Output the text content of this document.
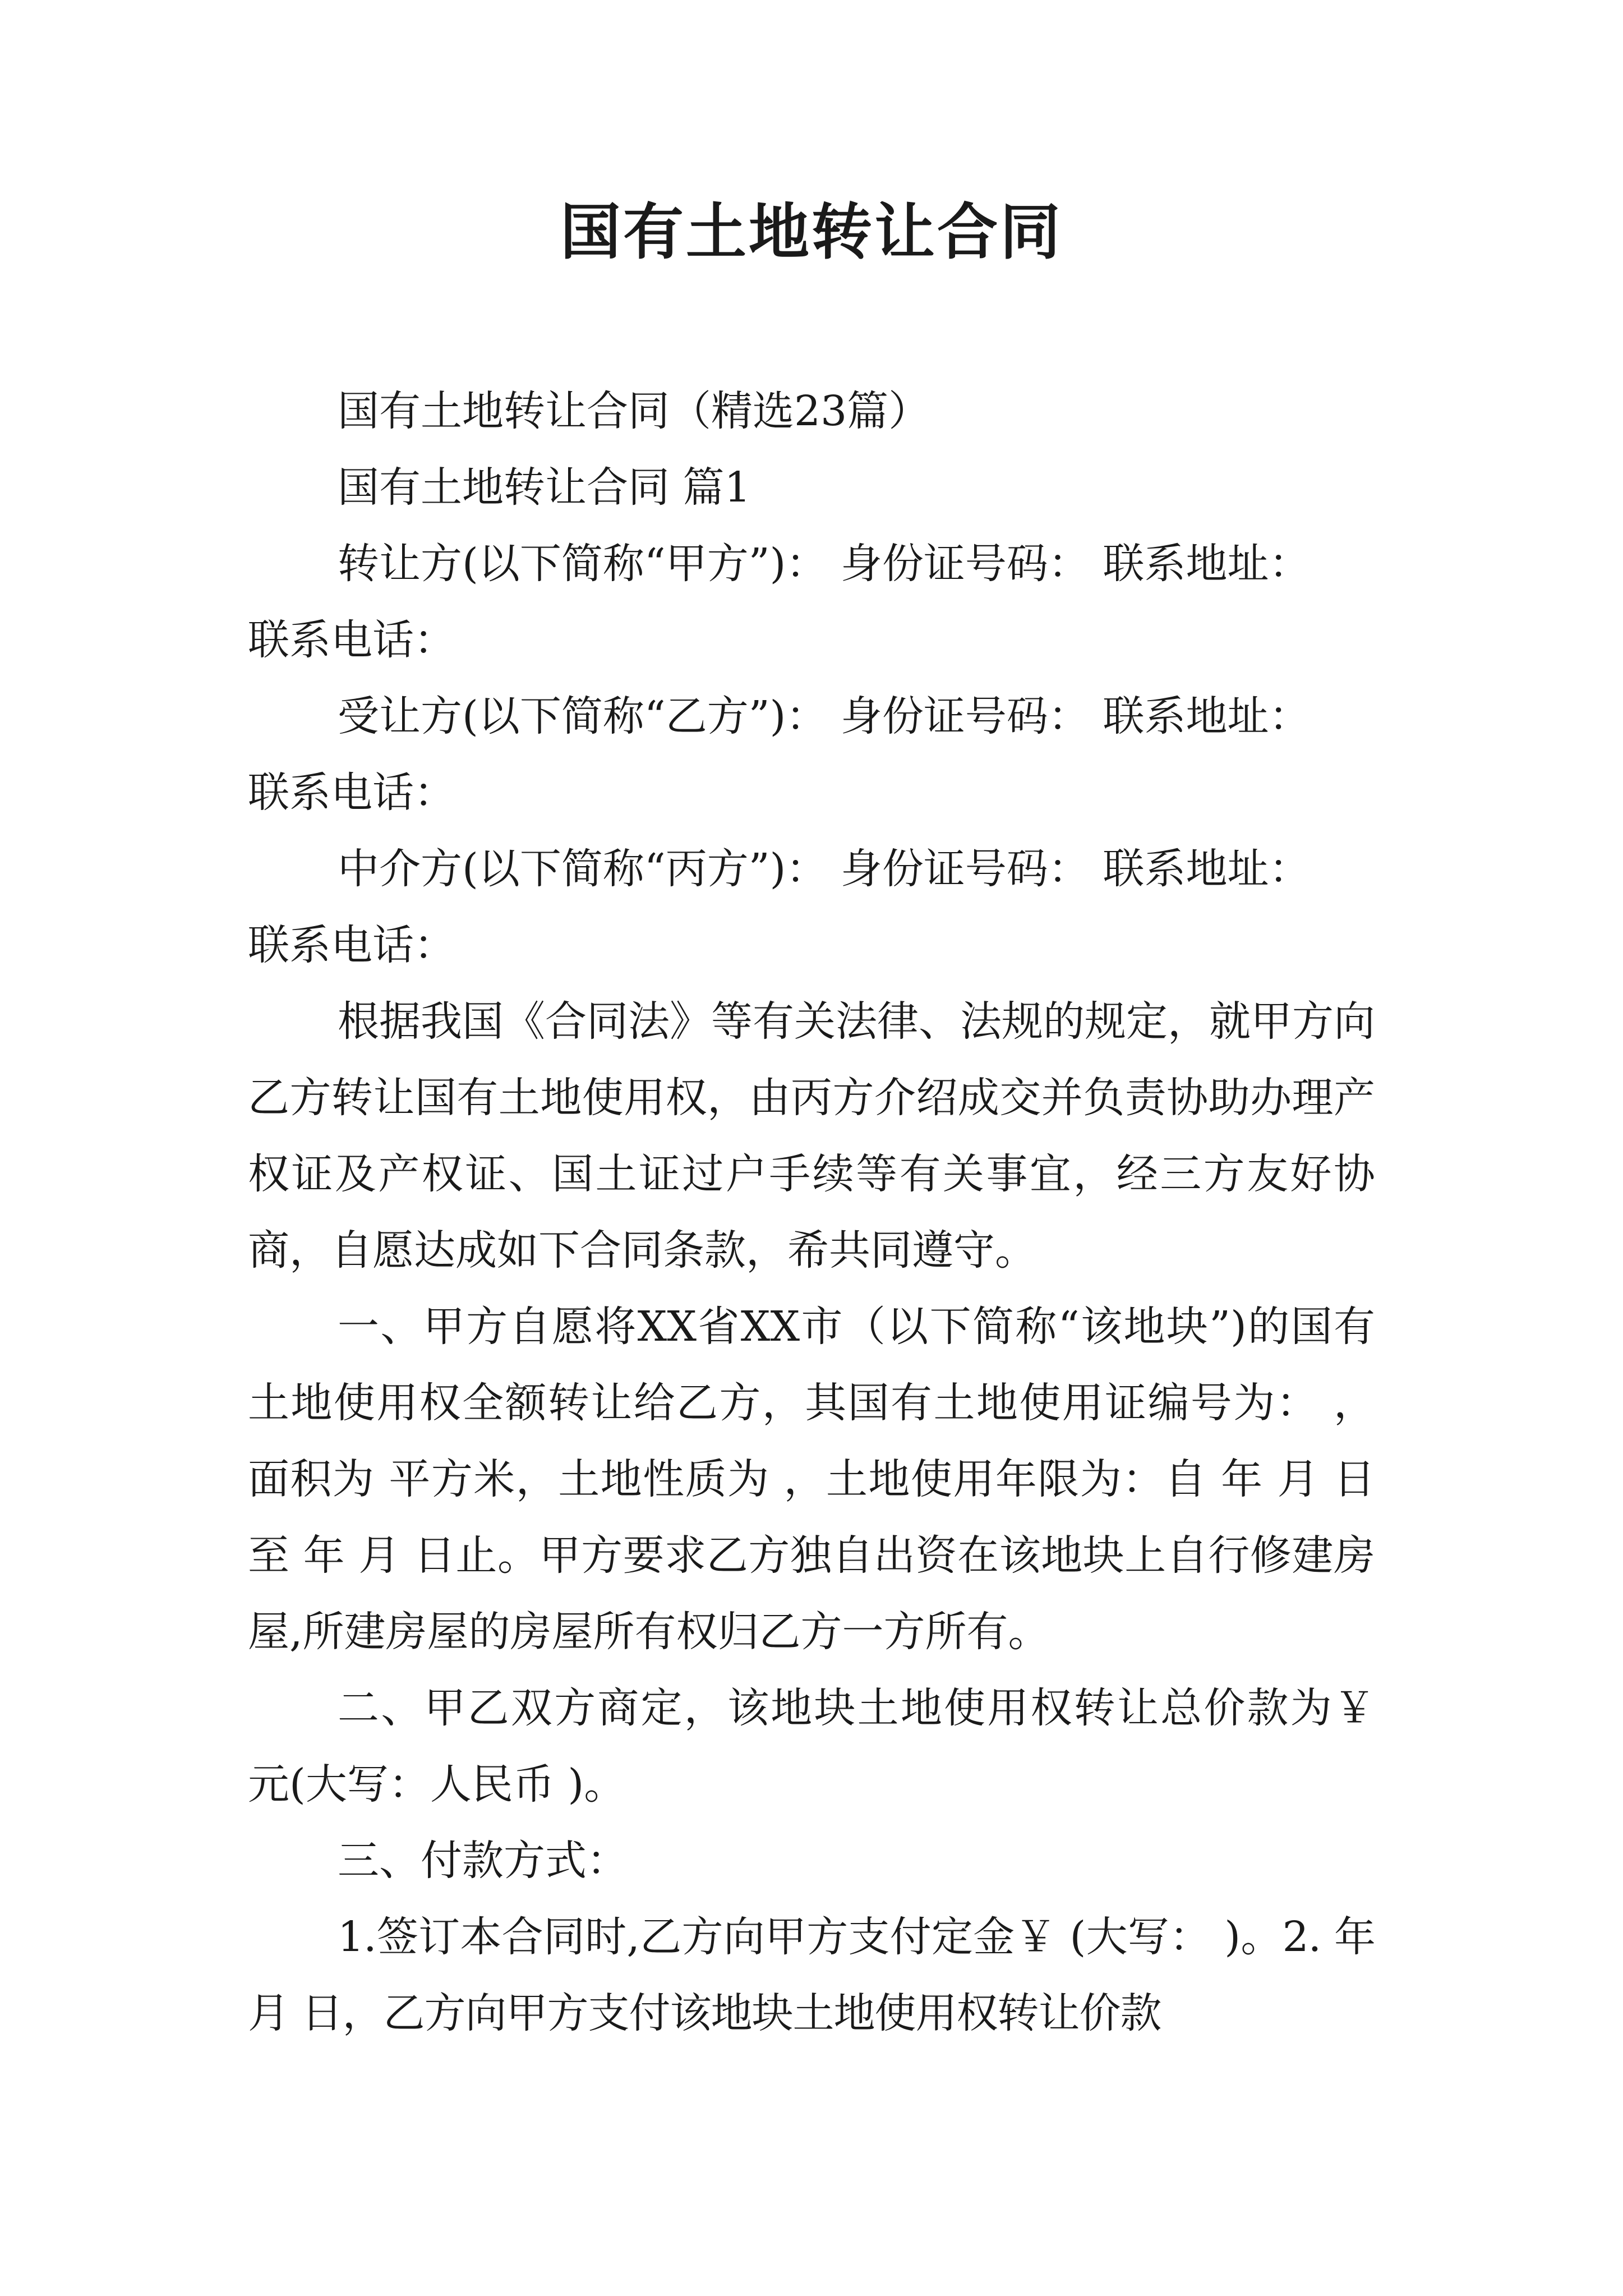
国有土地转让合同

国有土地转让合同（精选23篇）

国有土地转让合同 篇1

转让方(以下简称“甲方”)： 身份证号码： 联系地址：
联系电话：

受让方(以下简称“乙方”)： 身份证号码： 联系地址：
联系电话：

中介方(以下简称“丙方”)： 身份证号码： 联系地址：
联系电话：

根据我国《合同法》等有关法律、法规的规定，就甲方向乙方转让国有土地使用权，由丙方介绍成交并负责协助办理产权证及产权证、国土证过户手续等有关事宜，经三方友好协商，自愿达成如下合同条款，希共同遵守。

一、甲方自愿将XX省XX市（以下简称“该地块”)的国有土地使用权全额转让给乙方，其国有土地使用证编号为： ，面积为 平方米，土地性质为 ，土地使用年限为：自 年 月 日至 年 月 日止。甲方要求乙方独自出资在该地块上自行修建房屋,所建房屋的房屋所有权归乙方一方所有。

二、甲乙双方商定，该地块土地使用权转让总价款为￥ 元(大写：人民币 )。

三、付款方式：

1.签订本合同时,乙方向甲方支付定金￥ (大写： )。2. 年 月 日，乙方向甲方支付该地块土地使用权转让价款
